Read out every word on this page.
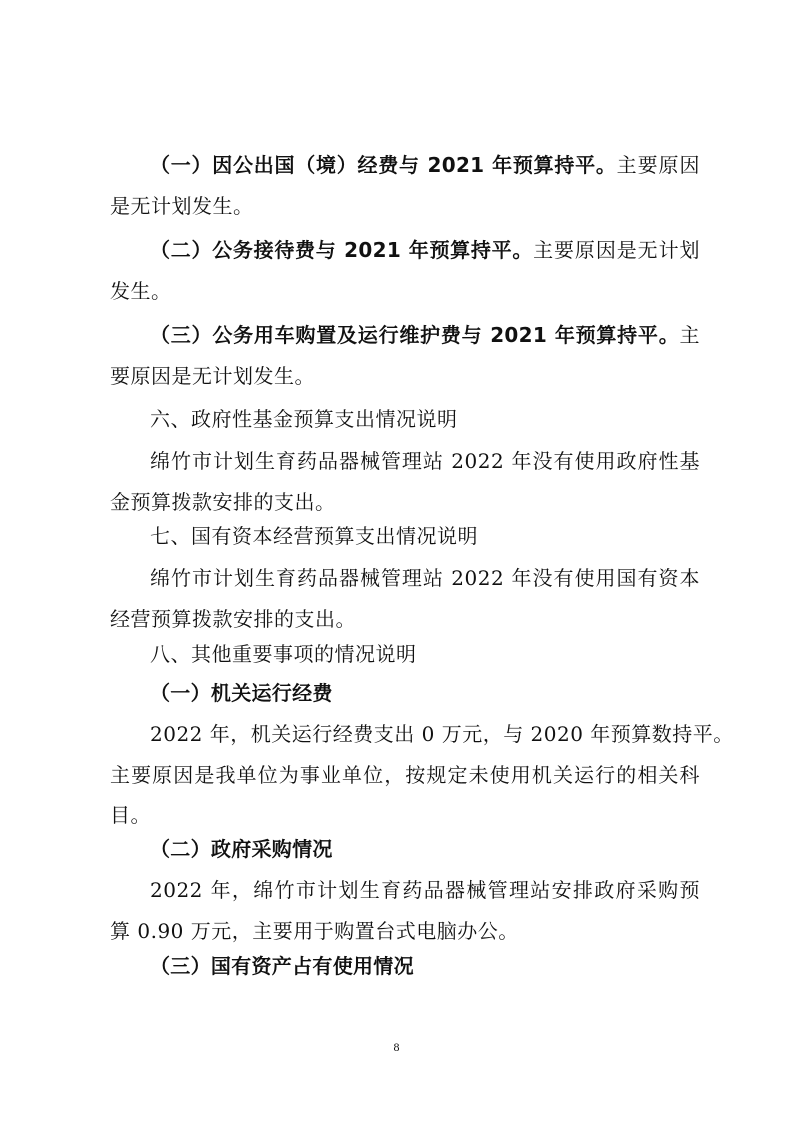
（一）因公出国（境）经费与 2021 年预算持平。主要原因
是无计划发生。
（二）公务接待费与 2021 年预算持平。主要原因是无计划
发生。
（三）公务用车购置及运行维护费与 2021 年预算持平。主
要原因是无计划发生。
六、政府性基金预算支出情况说明
绵竹市计划生育药品器械管理站 2022 年没有使用政府性基
金预算拨款安排的支出。
七、国有资本经营预算支出情况说明
绵竹市计划生育药品器械管理站 2022 年没有使用国有资本
经营预算拨款安排的支出。
八、其他重要事项的情况说明
（一）机关运行经费
2022 年，机关运行经费支出 0 万元，与 2020 年预算数持平。
主要原因是我单位为事业单位，按规定未使用机关运行的相关科
目。
（二）政府采购情况
2022 年，绵竹市计划生育药品器械管理站安排政府采购预
算 0.90 万元，主要用于购置台式电脑办公。
（三）国有资产占有使用情况
8
